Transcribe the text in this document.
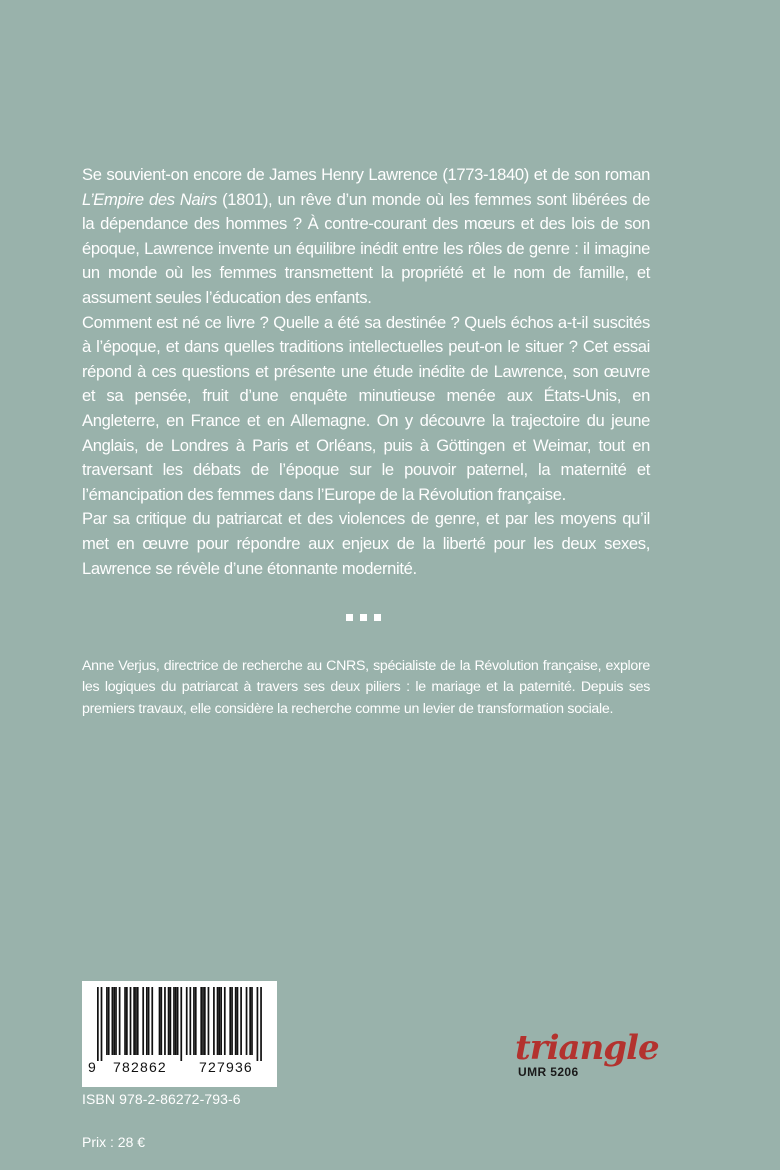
Se souvient-on encore de James Henry Lawrence (1773-1840) et de son roman L’Empire des Nairs (1801), un rêve d’un monde où les femmes sont libérées de la dépendance des hommes ? À contre-courant des mœurs et des lois de son époque, Lawrence invente un équilibre inédit entre les rôles de genre : il imagine un monde où les femmes transmettent la propriété et le nom de famille, et assument seules l’éducation des enfants.

Comment est né ce livre ? Quelle a été sa destinée ? Quels échos a-t-il suscités à l’époque, et dans quelles traditions intellectuelles peut-on le situer ? Cet essai répond à ces questions et présente une étude inédite de Lawrence, son œuvre et sa pensée, fruit d’une enquête minutieuse menée aux États-Unis, en Angleterre, en France et en Allemagne. On y découvre la trajectoire du jeune Anglais, de Londres à Paris et Orléans, puis à Göttingen et Weimar, tout en traversant les débats de l’époque sur le pouvoir paternel, la maternité et l’émancipation des femmes dans l’Europe de la Révolution française.

Par sa critique du patriarcat et des violences de genre, et par les moyens qu’il met en œuvre pour répondre aux enjeux de la liberté pour les deux sexes, Lawrence se révèle d’une étonnante modernité.

Anne Verjus, directrice de recherche au CNRS, spécialiste de la Révolution française, explore les logiques du patriarcat à travers ses deux piliers : le mariage et la paternité. Depuis ses premiers travaux, elle considère la recherche comme un levier de transformation sociale.

9 782862 727936
ISBN 978-2-86272-793-6
Prix : 28 €
triangle
UMR 5206
